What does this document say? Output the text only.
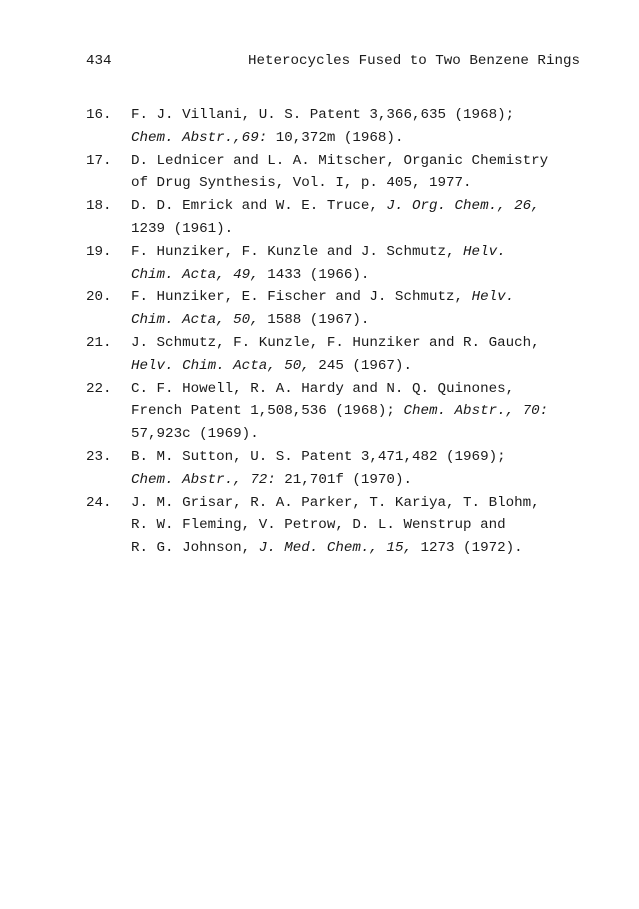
434	Heterocycles Fused to Two Benzene Rings
16. F. J. Villani, U. S. Patent 3,366,635 (1968);
Chem. Abstr.,69: 10,372m (1968).
17. D. Lednicer and L. A. Mitscher, Organic Chemistry
of Drug Synthesis, Vol. I, p. 405, 1977.
18. D. D. Emrick and W. E. Truce, J. Org. Chem., 26,
1239 (1961).
19. F. Hunziker, F. Kunzle and J. Schmutz, Helv.
Chim. Acta, 49, 1433 (1966).
20. F. Hunziker, E. Fischer and J. Schmutz, Helv.
Chim. Acta, 50, 1588 (1967).
21. J. Schmutz, F. Kunzle, F. Hunziker and R. Gauch,
Helv. Chim. Acta, 50, 245 (1967).
22. C. F. Howell, R. A. Hardy and N. Q. Quinones,
French Patent 1,508,536 (1968); Chem. Abstr., 70:
57,923c (1969).
23. B. M. Sutton, U. S. Patent 3,471,482 (1969);
Chem. Abstr., 72: 21,701f (1970).
24. J. M. Grisar, R. A. Parker, T. Kariya, T. Blohm,
R. W. Fleming, V. Petrow, D. L. Wenstrup and
R. G. Johnson, J. Med. Chem., 15, 1273 (1972).
